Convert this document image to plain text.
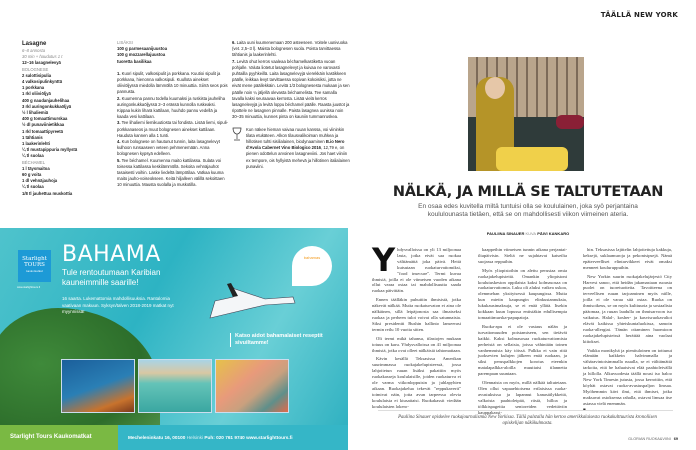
Lasagne
6–8 annosta
30 min + haudutus 1 t
12–16 lasagnelevyä
BOLOGNESE
2 salottisipulia
4 valkosipulinkynttä
1 porkkana
1 rkl oliiviöljyä
400 g naudanjauhelihaa
3 rkl auringonkukkaöljyä
½ l lihaliemiä
400 g tomaattimurskaa
½ dl punaviinietikkaa
1 rkl tomaattipyreetä
1 tähtianis
1 laakerinlehti
¼ tl mustapippuria myllystä
¼ tl suolaa
BÉCHAMEL
1 l täysmaitoa
60 g voita
1 dl vehnäjauhoja
¼ tl suolaa
1/8 tl jauhettua muskottia
LISÄKSI
100 g parmesaanijuustoa
100 g mozzarellajuustoa
tuoretta basilikaa

1. Kuori sipulit, valkosipulit ja porkkana. Kuutioi sipulit ja porkkana, hienonna valkosipuli. Kuullota ainekset oliiviöljyssä miedolla lämmöllä 10 minuuttia. Siirrä seos pois pannusta.

2. Kuumenna pannu todella kuumaksi ja ruskista jauheliha auringonkukkaöljyssä 2–3 erässä kunnolla ruskeaksi. Kippaa kukin liharä kattilaan, huuhdo pannu vedellä ja kaada vesi kattilaan.

3. Tee lihaliemi liemikuutiosta tai fondista. Lisää liemi, sipuli-porkkanaseos ja muut bolognesen ainekset kattilaan. Hauduta kannen alla 1 tunti.

4. Kun bolognese on hautunut tunnin, laita lasagnelevyt kulhoon runsaaseen veteen pehmenemään. Anna bolognesen kypsyä edelleen.

5. Tee béchamel. Kuumenna maito kattilassa. Sulata voi toisessa kattilassa keskilämmöllä. Sekoita vehnäjauhot tasaisesti voihin. Laske liedeltä lämpötilaa. Vatkaa kuuma maito jauho-voiseokseen. Keitä hiljalleen välillä sekoittaen 10 minuuttia. Mausta suolalla ja muskotilla.

6. Laita uuni kuumenemaan 200 asteeseen. Voitele uunivuoka (vet. 2,5–3 l). Maista bolognesen suola. Poista tarvittaessa tähtianis ja laakerinlehti.

7. Levitä ohut kerros vaaleaa béchamelkastiketta vuoan pohjalle. Valuta liotetut lasagnelevyt ja kuivaa ne varovasti puhtailla pyyhkeillä. Laita lasagnelevyjä vierekkäin kastikkeen päälle, leikkaa levyt tarvittaessa sopivan kokoisiksi, jotta ne eivät mene päällekkäin. Levitä 1/3 bolognesesta mukaan ja sen päälle noin ¼ jäljellä olevasta béchamelista. Tee samalla tavalla kaksi seuraavaa kerrosta. Lisää vielä kerros lasagnelevyjä ja levitä loppu béchamel päälle. Raasta juustot ja ripottele ne lasagnen pinnalle. Paista lasagnea uunissa noin 30–35 minuuttia, kunnes pinta on kauniin tummanruskea.

Kun näkee hieman vaivaa ruuan kanssa, voi viininkin tilata etukäteen. Alkon tilausvalikoiman muhkea ja hillotisen tuhti sisilialainen, biodynaaminen B.io Nero d'Avola Cabernet Vino Biologico 2016, 12,79 e, on pienen odottelun arvoinen lasagneviini. Jos haet viiniin ex tempore, ois hyllyistä mehevä ja hillotinen italialainen punaviini.
Starlight TOURS
kaukomatkat
www.starlighttours.fi
BAHAMA
Tule rentoutumaan Karibian kauneimmille saarille!
16 saarta. Lukemattomia mahdollisuuksia. Rantalomia vaativaan makuun. Syksyn/talven 2018-2019 matkat nyt myynnissä!
bahamas
Katso aidot bahamalaiset reseptit sivuiltamme!
Starlight Tours Kaukomatkat	Mecheleninkatu 16, 00100 Helsinki Puh: 020 761 9740 www.starlighttours.fi
TÄÄLLÄ NEW YORK
NÄLKÄ, JA MILLÄ SE TALTUTETAAN
En osaa edes kuvitella miltä tuntuisi olla se koululainen, joka syö perjantaina koululounasta tietäen, että se on mahdollisesti viikon viimeinen ateria.
PAULIINA SINAUER KUVA PÄIVI KANKARO
Y hdysvalloissa on yli 13 miljoonaa lasta, jotka eivät saa ruokaa välttämättä joka päivä. Heitä kutsutaan ruokaturvattomiksi, "food insecure". Termi kuvaa ihmisiä, joilla ei ole viimeisen vuoden aikana ollut varaa ostaa tai mahdollisuutta saada ruokaa päivittäin.

Ennen täälläkin puhuttiin ihmisistä, jotka näkevät nälkää. Mutta ruokaturvaton ei aina ole nälkäinen, sillä leipäjonosta saa ilmaiseksi ruokaa ja perheen tulot voivat olla satunnaisia. Siksi presidentti Bushin hallinto lanseerasi termin reilu 10 vuotta sitten.

Oli termi mikä tahansa, tilastojen mukaan totuus on karu. Yhdysvalloissa on 41 miljoonaa ihmistä, jotka ovat olleet nälkäisiä tahtomattaan.

Kävin kesällä Teksasissa Amerikan suurimmassa ruokajakelupisteessä, jossa lahjoitetun ruuan lisäksi pakattiin myös ruokakasseja koululaisille, joiden ruokaturva ei ole varma viikonloppuisin ja juhlapyhien aikaan. Ruokajakelua tekevät "reppukaverit" toimivat näin, jotta avun tarpeessa olevia koululaisia ei kiusattaisi. Ruokakassit viedään koululaisten lokero-

kaappeihin viimeisen tunnin aikana perjantai-iltapäivisin. Sieltä ne sujahtavat katseilta suojassa reppuihin.

Myös yliopistoihin on alettu perustaa omia ruokajakelupisteitä. Omankin yliopistoni koulutuskeston oppilaista kaksi kolmasosaa on ruokaturvattomia. Luku oli aluksi vaikea uskoa, olemmehan yksityisessä kaupungissa. Mutta kun mietin kaupungin elinkustannuksia, lukukausimaksuja, se ei enää yllätä. Itsekin kokkaan kuun lopussa entistäkin edullisempia tomaattimurska-papupatoja.

Ruoka-apu ei ole vastaus nälän ja turvattomuuden poistamiseen, sen tietävät kaikki. Kaksi kolmasosaa ruokaturvattomista perheistä on sellaisia, joissa vähintään toinen vanhemmista käy töissä. Palkka ei vain riitä juoksevien kulujen jälkeen enää ruokaan, ja siksi peruspalkkojen korotus eteenkin matalapalkka-aloilla muuttaisi tilannetta parempaan suuntaan.

Olennaista on myös, millä nälkää taltutetaan. Olen ollut vapaaehtoisena erilaisissa ruoka-avustuksissa ja lapannut kanasäilykkeitä, valkoista paahtoleipää, riisiä, hilloa ja tölkkispagettia senioreiden vedettäviin kauppakassi-

hin. Teksasissa lajittelin lahjoitettuja kakkuja, keksejä, suklaamuroja ja pekonisipsejä. Nämä epäterveelliset elintarvikkeet eivät omaksi menneet kouluruppuihin.

New Yorkin suurin ruokajakelujärjestö City Harvest sanoo, että heidän jakamastaan ruoasta puolet on tuoretuotteita. Tavoitteena on terveellisen ruuan tarjoaminen myös niille, joilla ei ole varaa sitä ostaa. Ruoka on ihmisoikeus, se on myös kulttuuria ja sosiaalista pääomaa, ja ruuan laadulla on ihmisarvoon iso vaikutus. Halal-, kosher- ja kasvisruokavaliot elävät kaikissa yhteiskuntaluokissa, samoin ruoka-allergiat. Tämän ottaminen huomioon ruokajakelupisteissä herättää aina vaolaat kiitokset.

Vaikka monikyhä ja pienituloinen on tottunut elämään kaikkein halvimmalla ja vähäravintoisimmalla ruualla, se ei välttämättä tarkoita, että he haluaisivat elää paahtoleivällä ja hillolla. Alkuvuodesta täällä nousi iso haloo New York Timesin jutusta, jossa kerrottiin, että köyhät ostavat ruoka-avustuspaljon limsaa. Myöhemmin kävi ilmi, että ihmiset, jotka maksavat ostoksensa rahalla, ostavat limsaa itse asiassa vielä enemmän.

■
Pauliina Sinauer opiskelee ruokajournalismia New Yorkissa. Tällä palstalla hän kertoo amerikkalaisesta ruokakulttuurista kronoliisen opiskelijan näkökulmasta.
GLORIAN RUOKA&VIINI 69
